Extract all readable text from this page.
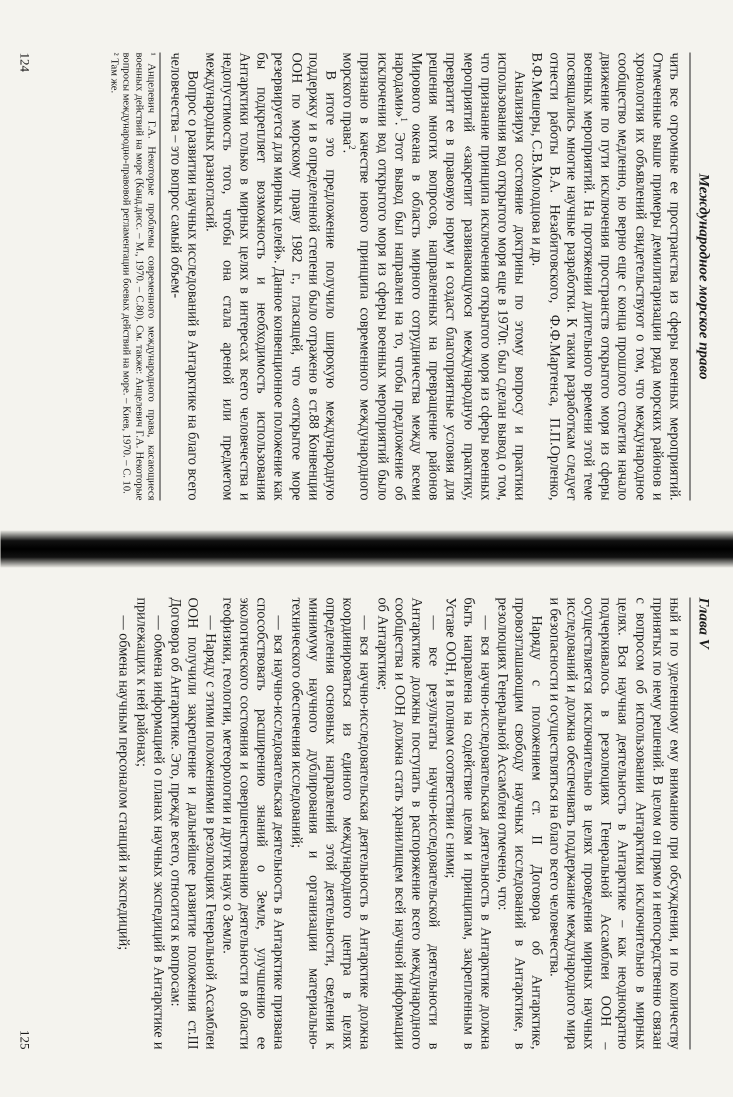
Международное морское право

чить все огромные ее пространства из сферы военных мероприятий. Отмеченные выше примеры демилитаризации ряда морских районов и хронология их объявлений свидетельствуют о том, что международное сообщество медленно, но верно еще с конца прошлого столетия начало движение по пути исключения пространств открытого моря из сферы военных мероприятий. На протяжении длительного времени этой теме посвящались многие научные разработки. К таким разработкам следует отнести работы В.А. Незабитовского, Ф.Ф.Мартенса, П.П.Орленко, В.Ф.Мешеры, С.В.Молодцова и др.

Анализируя состояние доктрины по этому вопросу и практики использования вод открытого моря еще в 1970г. был сделан вывод о том, что признание принципа исключения открытого моря из сферы военных мероприятий «закрепит развивающуюся международную практику, превратит ее в правовую норму и создаст благоприятные условия для решения многих вопросов, направленных на превращение районов Мирового океана в область мирного сотрудничества между всеми народами»$^1$. Этот вывод был направлен на то, чтобы предложение об исключении вод открытого моря из сферы военных мероприятий было признано в качестве нового принципа современного международного морского права$^2$.

В итоге это предложение получило широкую международную поддержку и в определенной степени было отражено в ст.88 Конвенции ООН по морскому праву 1982 г., гласящей, что «открытое море резервируется для мирных целей». Данное конвенционное положение как бы подкрепляет возможность и необходимость использования Антарктики только в мирных целях в интересах всего человечества и недопустимость того, чтобы она стала ареной или предметом международных разногласий.

Вопрос о развитии научных исследований в Антарктике на благо всего человечества – это вопрос самый объем-

¹ Анцелевич Г.А. Некоторые проблемы современного международного права, касающиеся военных действий на море (Канд.дисс. – М., 1970. – С.80). См. также: Анцелевич Г.А. Некоторые вопросы международно-правовой регламентации боевых действий на море. – Киев, 1970. – С. 10.

² Там же.

124
Глава V

ный и по уделенному ему вниманию при обсуждении, и по количеству принятых по нему решений. В целом он прямо и непосредственно связан с вопросом об использовании Антарктики исключительно в мирных целях. Вся научная деятельность в Антарктике – как неоднократно подчеркивалось в резолюциях Генеральной Ассамблеи ООН – осуществляется исключительно в целях проведения мирных научных исследований и должна обеспечивать поддержание международного мира и безопасности и осуществляться на благо всего человечества.

Наряду с положением ст. II Договора об Антарктике, провозглашающим свободу научных исследований в Антарктике, в резолюциях Генеральной Ассамблеи отмечено, что:

— вся научно-исследовательская деятельность в Антарктике должна быть направлена на содействие целям и принципам, закрепленным в Уставе ООН, и в полном соответствии с ними;

— все результаты научно-исследовательской деятельности в Антарктике должны поступать в распоряжение всего международного сообщества и ООН должна стать хранилищем всей научной информации об Антарктике;

— вся научно-исследовательская деятельность в Антарктике должна координироваться из единого международного центра в целях определения основных направлений этой деятельности, сведения к минимуму научного дублирования и организации материально-технического обеспечения исследований;

— вся научно-исследовательская деятельность в Антарктике призвана способствовать расширению знаний о Земле, улучшению ее экологического состояния и совершенствованию деятельности в области геофизики, геологии, метеорологии и других наук о Земле.

— Наряду с этими положениями в резолюциях Генеральной Ассамблеи ООН получили закрепление и дальнейшее развитие положения ст.III Договора об Антарктике. Это, прежде всего, относится к вопросам:

— обмена информацией о планах научных экспедиций в Антарктике и прилежащих к ней районах;

— обмена научным персоналом станций и экспедиций;

125
